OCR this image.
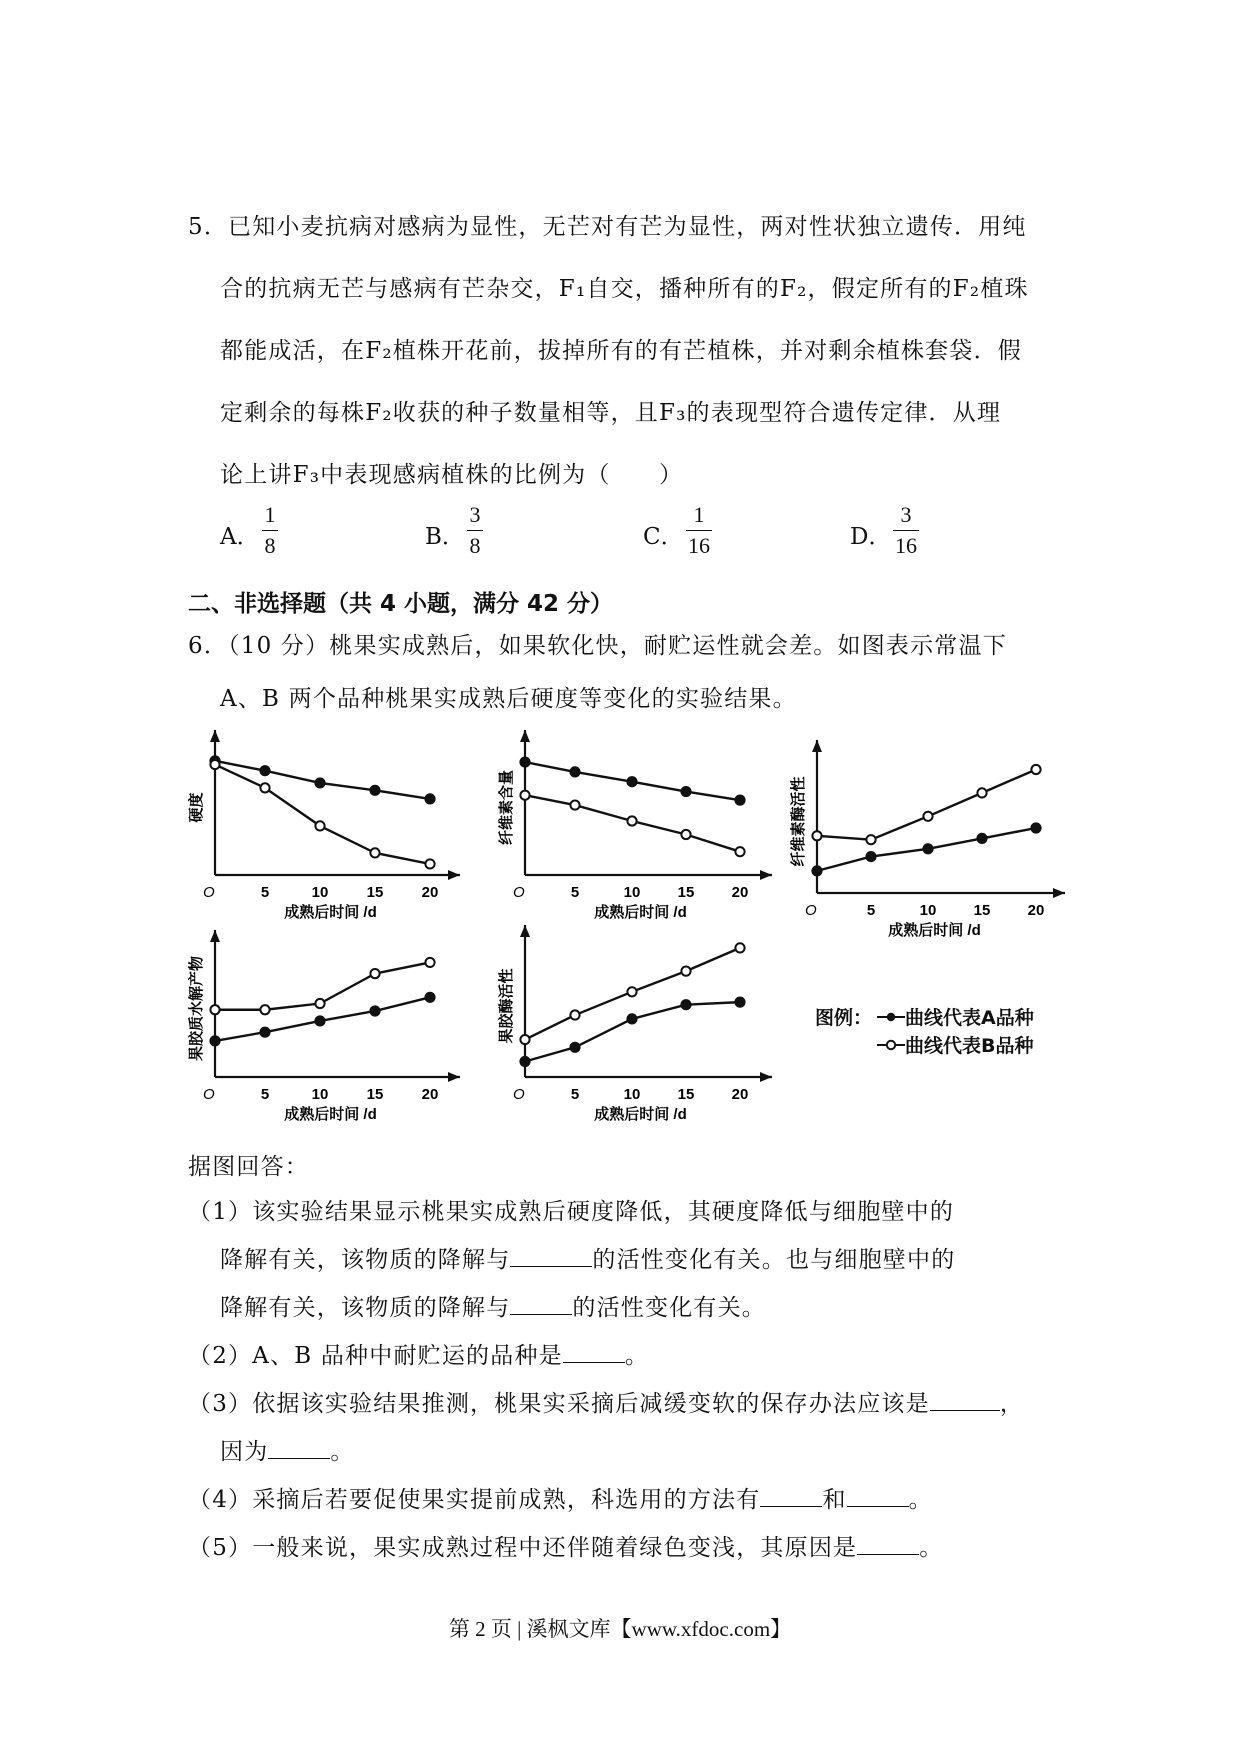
5．已知小麦抗病对感病为显性，无芒对有芒为显性，两对性状独立遗传．用纯
合的抗病无芒与感病有芒杂交，F₁自交，播种所有的F₂，假定所有的F₂植珠
都能成活，在F₂植株开花前，拔掉所有的有芒植株，并对剩余植株套袋．假
定剩余的每株F₂收获的种子数量相等，且F₃的表现型符合遗传定律．从理
论上讲F₃中表现感病植株的比例为（　　）
A．
1
8	B．
3
8	C．
1
16	D．
3
16
二、非选择题（共 4 小题，满分 42 分）
6．（10 分）桃果实成熟后，如果软化快，耐贮运性就会差。如图表示常温下
A、B 两个品种桃果实成熟后硬度等变化的实验结果。
O	5	10	15	20
成熟后时间 /d
硬度
O	5	10 15 20
成熟后时间 /d
纤维素含量
O	5	10 15 20
成熟后时间 /d
纤维素酶活性
O	5	10	15	20
成熟后时间 /d
果胶质水解产物
O	5	10 15 20
成熟后时间 /d
果胶酶活性	图例： 曲线代表A品种
曲线代表B品种
据图回答：
（1）该实验结果显示桃果实成熟后硬度降低，其硬度降低与细胞壁中的
降解有关，该物质的降解与	的活性变化有关。也与细胞壁中的
降解有关，该物质的降解与	的活性变化有关。
（2）A、B 品种中耐贮运的品种是	。
（3）依据该实验结果推测，桃果实采摘后减缓变软的保存办法应该是	，
因为	。
（4）采摘后若要促使果实提前成熟，科选用的方法有	和	。
（5）一般来说，果实成熟过程中还伴随着绿色变浅，其原因是	。
第 2 页 | 溪枫文库【www.xfdoc.com】
